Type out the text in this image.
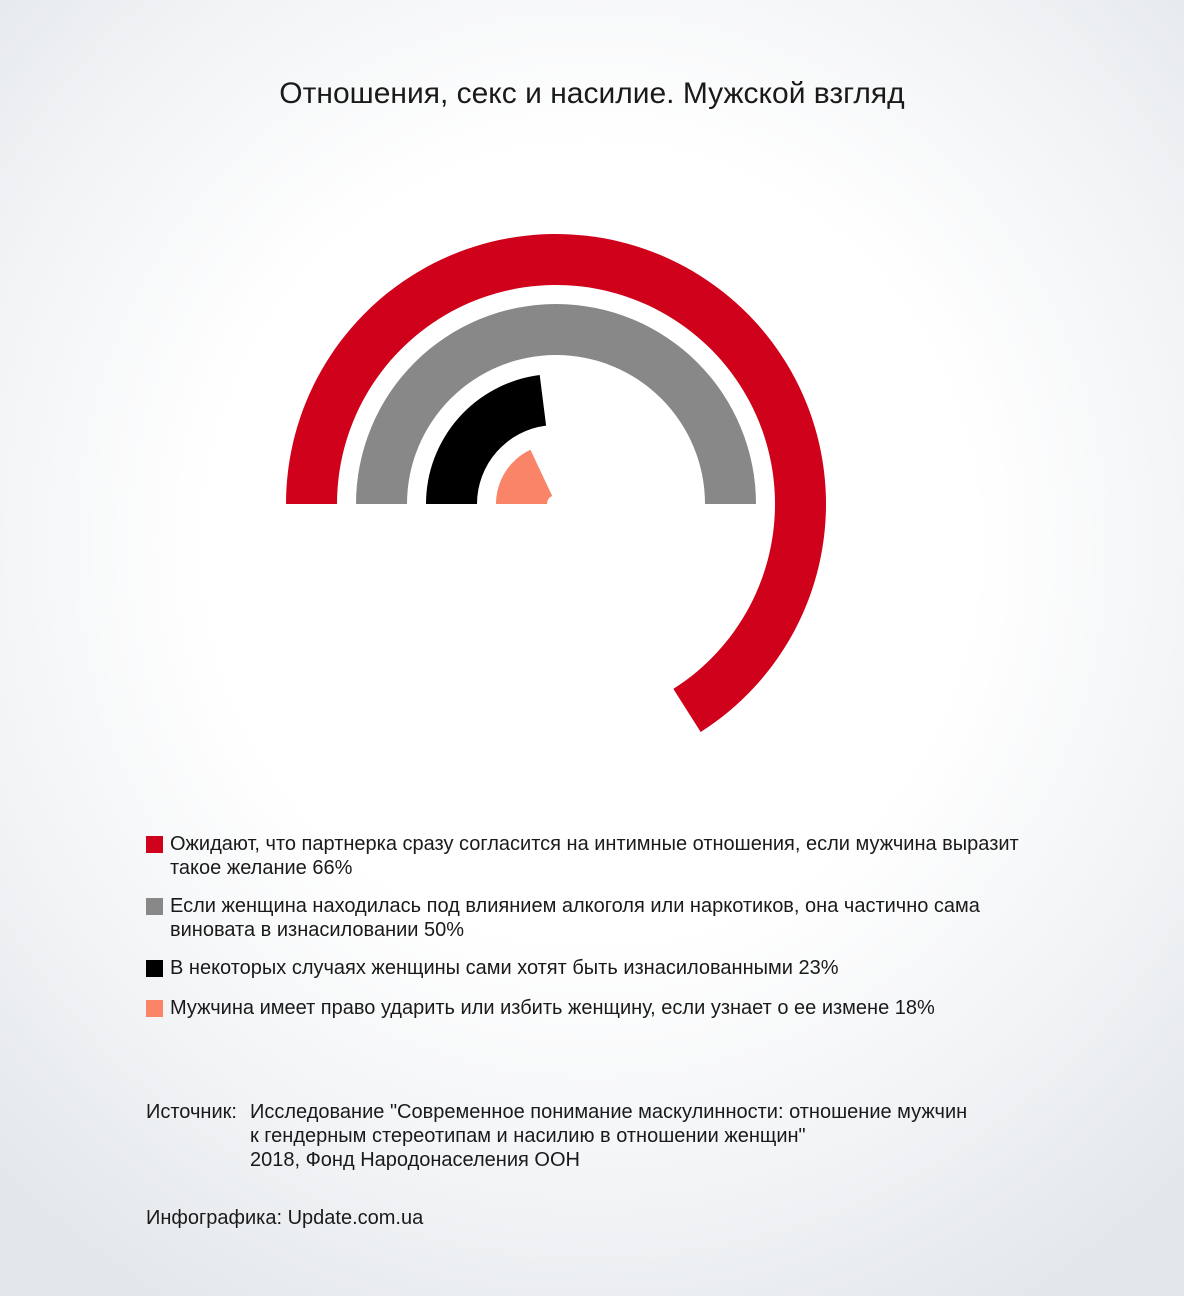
Отношения, секс и насилие. Мужской взгляд
Ожидают, что партнерка сразу согласится на интимные отношения, если мужчина выразит такое желание 66%
Если женщина находилась под влиянием алкоголя или наркотиков, она частично сама виновата в изнасиловании 50%
В некоторых случаях женщины сами хотят быть изнасилованными 23%
Мужчина имеет право ударить или избить женщину, если узнает о ее измене 18%
Источник: Исследование "Современное понимание маскулинности: отношение мужчин
к гендерным стереотипам и насилию в отношении женщин"
2018, Фонд Народонаселения ООН
Инфографика: Update.com.ua
